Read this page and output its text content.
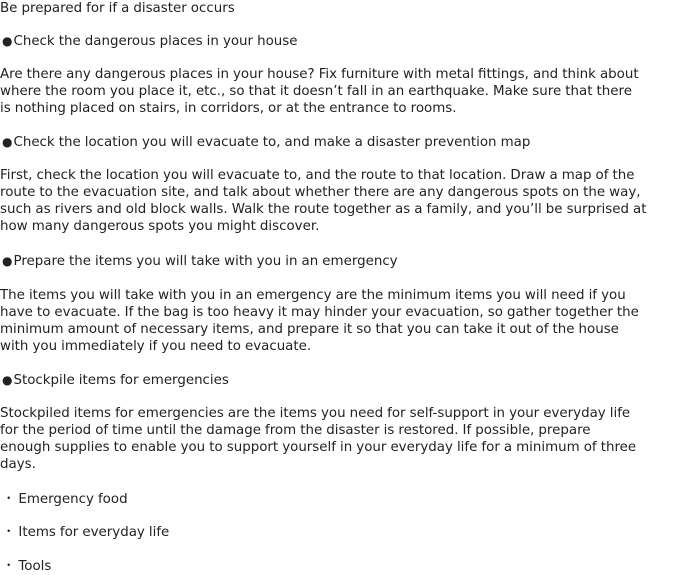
Be prepared for if a disaster occurs

●Check the dangerous places in your house

Are there any dangerous places in your house? Fix furniture with metal fittings, and think about
where the room you place it, etc., so that it doesn’t fall in an earthquake. Make sure that there
is nothing placed on stairs, in corridors, or at the entrance to rooms.

●Check the location you will evacuate to, and make a disaster prevention map

First, check the location you will evacuate to, and the route to that location. Draw a map of the
route to the evacuation site, and talk about whether there are any dangerous spots on the way,
such as rivers and old block walls. Walk the route together as a family, and you’ll be surprised at
how many dangerous spots you might discover.

●Prepare the items you will take with you in an emergency

The items you will take with you in an emergency are the minimum items you will need if you
have to evacuate. If the bag is too heavy it may hinder your evacuation, so gather together the
minimum amount of necessary items, and prepare it so that you can take it out of the house
with you immediately if you need to evacuate.

●Stockpile items for emergencies

Stockpiled items for emergencies are the items you need for self-support in your everyday life
for the period of time until the damage from the disaster is restored. If possible, prepare
enough supplies to enable you to support yourself in your everyday life for a minimum of three
days.

・ Emergency food

・ Items for everyday life

・ Tools
